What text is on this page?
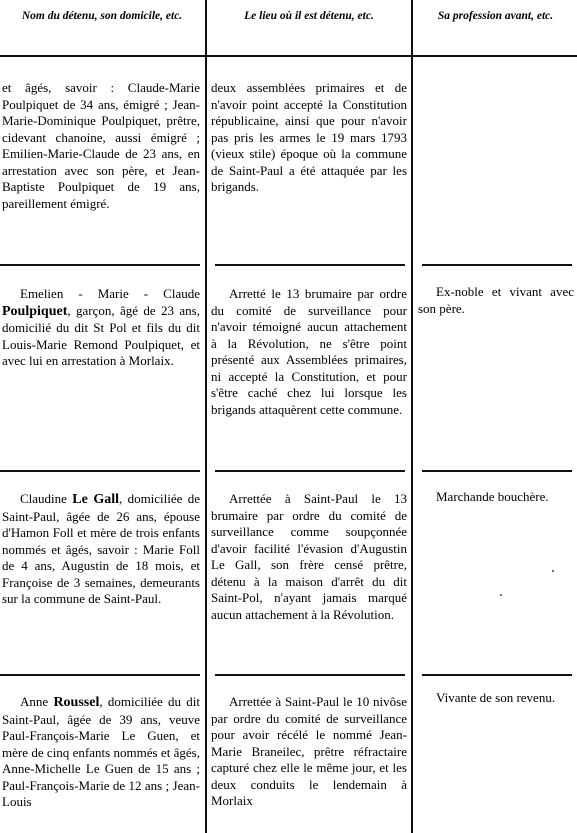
Nom du détenu, son domicile, etc.	Le lieu où il est détenu, etc.	Sa profession avant, etc.
et âgés, savoir : Claude-Marie Poulpiquet de 34 ans, émigré ; Jean-Marie-Dominique Poulpiquet, prêtre, cidevant chanoine, aussi émigré ; Emilien-Marie-Claude de 23 ans, en arrestation avec son père, et Jean-Baptiste Poulpiquet de 19 ans, pareillement émigré.
deux assemblées primaires et de n'avoir point accepté la Constitution républicaine, ainsi que pour n'avoir pas pris les armes le 19 mars 1793 (vieux stile) époque où la commune de Saint-Paul a été attaquée par les brigands.
Emelien - Marie - Claude Poulpiquet, garçon, âgé de 23 ans, domicilié du dit St Pol et fils du dit Louis-Marie Remond Poulpiquet, et avec lui en arrestation à Morlaix.
Arretté le 13 brumaire par ordre du comité de surveillance pour n'avoir témoigné aucun attachement à la Révolution, ne s'être point présenté aux Assemblées primaires, ni accepté la Constitution, et pour s'être caché chez lui lorsque les brigands attaquèrent cette commune.
Ex-noble et vivant avec son père.
Claudine Le Gall, domiciliée de Saint-Paul, âgée de 26 ans, épouse d'Hamon Foll et mère de trois enfants nommés et âgés, savoir : Marie Foll de 4 ans, Augustin de 18 mois, et Françoise de 3 semaines, demeurants sur la commune de Saint-Paul.
Arrettée à Saint-Paul le 13 brumaire par ordre du comité de surveillance comme soupçonnée d'avoir facilité l'évasion d'Augustin Le Gall, son frère censé prêtre, détenu à la maison d'arrêt du dit Saint-Pol, n'ayant jamais marqué aucun attachement à la Révolution.
Marchande bouchère.
Anne Roussel, domiciliée du dit Saint-Paul, âgée de 39 ans, veuve Paul-François-Marie Le Guen, et mère de cinq enfants nommés et âgés, Anne-Michelle Le Guen de 15 ans ; Paul-François-Marie de 12 ans ; Jean-Louis
Arrettée à Saint-Paul le 10 nivôse par ordre du comité de surveillance pour avoir récélé le nommé Jean-Marie Braneilec, prêtre réfractaire capturé chez elle le même jour, et les deux conduits le lendemain à Morlaix
Vivante de son revenu.
